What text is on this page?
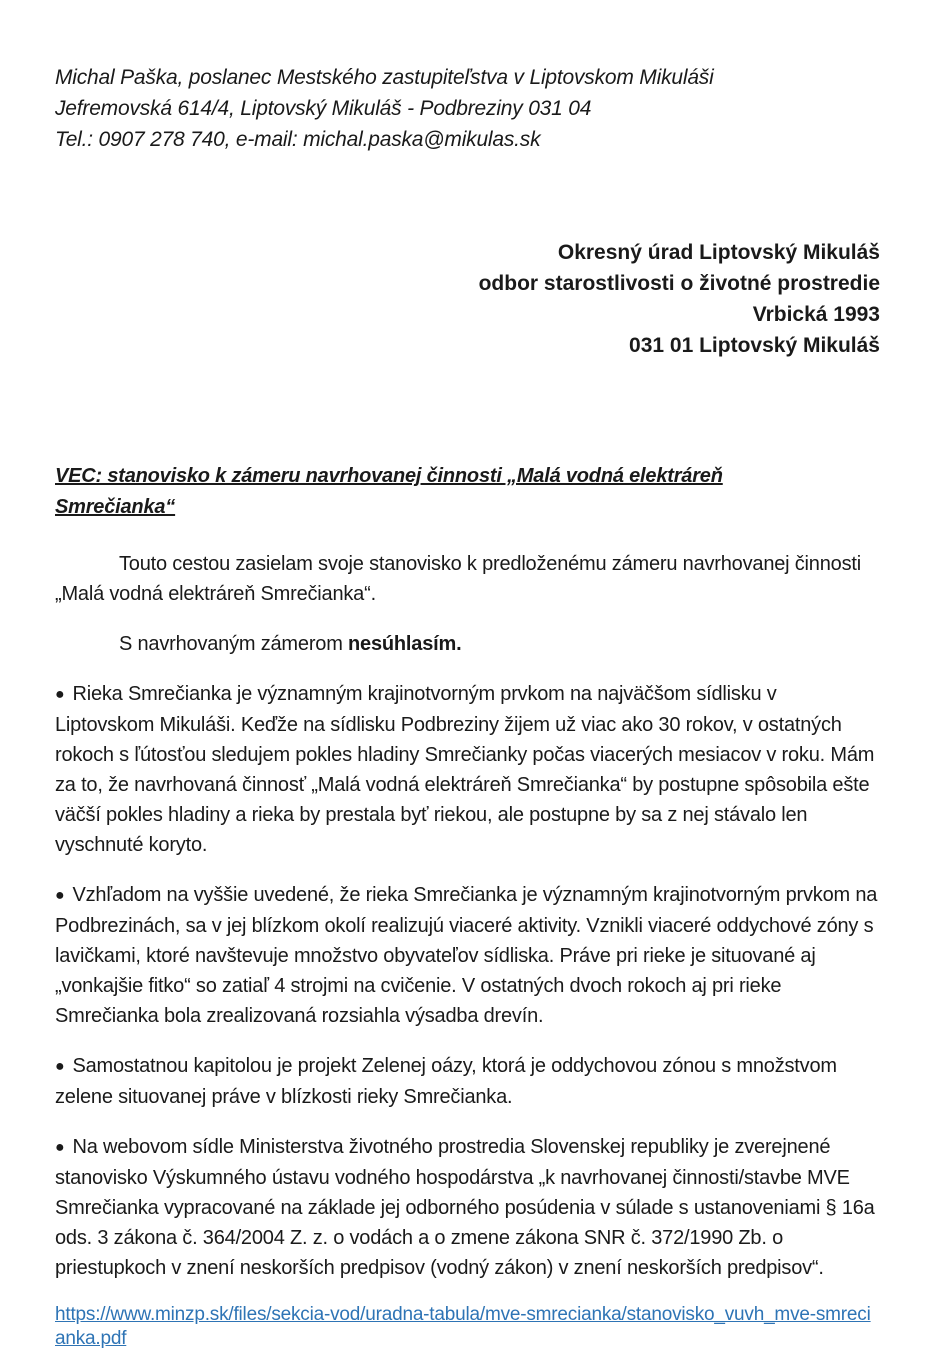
Michal Paška, poslanec Mestského zastupiteľstva v Liptovskom Mikuláši
Jefremovská 614/4, Liptovský Mikuláš - Podbreziny 031 04
Tel.: 0907 278 740, e-mail: michal.paska@mikulas.sk
Okresný úrad Liptovský Mikuláš
odbor starostlivosti o životné prostredie
Vrbická 1993
031 01 Liptovský Mikuláš
VEC: stanovisko k zámeru navrhovanej činnosti „Malá vodná elektráreň Smrečianka“

Touto cestou zasielam svoje stanovisko k predloženému zámeru navrhovanej činnosti „Malá vodná elektráreň Smrečianka“.

S navrhovaným zámerom nesúhlasím.

● Rieka Smrečianka je významným krajinotvorným prvkom na najväčšom sídlisku v Liptovskom Mikuláši. Keďže na sídlisku Podbreziny žijem už viac ako 30 rokov, v ostatných rokoch s ľútosťou sledujem pokles hladiny Smrečianky počas viacerých mesiacov v roku. Mám za to, že navrhovaná činnosť „Malá vodná elektráreň Smrečianka“ by postupne spôsobila ešte väčší pokles hladiny a rieka by prestala byť riekou, ale postupne by sa z nej stávalo len vyschnuté koryto.

● Vzhľadom na vyššie uvedené, že rieka Smrečianka je významným krajinotvorným prvkom na Podbrezinách, sa v jej blízkom okolí realizujú viaceré aktivity. Vznikli viaceré oddychové zóny s lavičkami, ktoré navštevuje množstvo obyvateľov sídliska. Práve pri rieke je situované aj „vonkajšie fitko“ so zatiaľ 4 strojmi na cvičenie. V ostatných dvoch rokoch aj pri rieke Smrečianka bola zrealizovaná rozsiahla výsadba drevín.

● Samostatnou kapitolou je projekt Zelenej oázy, ktorá je oddychovou zónou s množstvom zelene situovanej práve v blízkosti rieky Smrečianka.

● Na webovom sídle Ministerstva životného prostredia Slovenskej republiky je zverejnené stanovisko Výskumného ústavu vodného hospodárstva „k navrhovanej činnosti/stavbe MVE Smrečianka vypracované na základe jej odborného posúdenia v súlade s ustanoveniami § 16a ods. 3 zákona č. 364/2004 Z. z. o vodách a o zmene zákona SNR č. 372/1990 Zb. o priestupkoch v znení neskorších predpisov (vodný zákon) v znení neskorších predpisov“.

https://www.minzp.sk/files/sekcia-vod/uradna-tabula/mve-smrecianka/stanovisko_vuvh_mve-smrecianka.pdf
